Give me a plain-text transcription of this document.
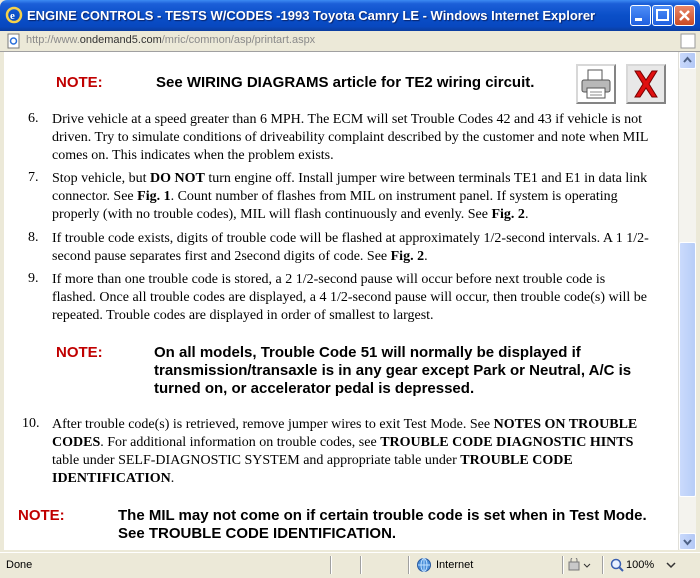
e ENGINE CONTROLS - TESTS W/CODES -1993 Toyota Camry LE - Windows Internet Explorer
http://www.ondemand5.com/mric/common/asp/printart.aspx
NOTE:	See WIRING DIAGRAMS article for TE2 wiring circuit.
6. Drive vehicle at a speed greater than 6 MPH. The ECM will set Trouble Codes 42 and 43 if vehicle is not
driven. Try to simulate conditions of driveability complaint described by the customer and note when MIL
comes on. This indicates when the problem exists.
7. Stop vehicle, but DO NOT turn engine off. Install jumper wire between terminals TE1 and E1 in data link
connector. See Fig. 1. Count number of flashes from MIL on instrument panel. If system is operating
properly (with no trouble codes), MIL will flash continuously and evenly. See Fig. 2.
8. If trouble code exists, digits of trouble code will be flashed at approximately 1/2-second intervals. A 1 1/2-
second pause separates first and 2second digits of code. See Fig. 2.
9. If more than one trouble code is stored, a 2 1/2-second pause will occur before next trouble code is
flashed. Once all trouble codes are displayed, a 4 1/2-second pause will occur, then trouble code(s) will be
repeated. Trouble codes are displayed in order of smallest to largest.
NOTE:	On all models, Trouble Code 51 will normally be displayed if
transmission/transaxle is in any gear except Park or Neutral, A/C is
turned on, or accelerator pedal is depressed.
10. After trouble code(s) is retrieved, remove jumper wires to exit Test Mode. See NOTES ON TROUBLE
CODES. For additional information on trouble codes, see TROUBLE CODE DIAGNOSTIC HINTS
table under SELF-DIAGNOSTIC SYSTEM and appropriate table under TROUBLE CODE
IDENTIFICATION.
NOTE:	The MIL may not come on if certain trouble code is set when in Test Mode.
See TROUBLE CODE IDENTIFICATION.
Done	Internet	100%
